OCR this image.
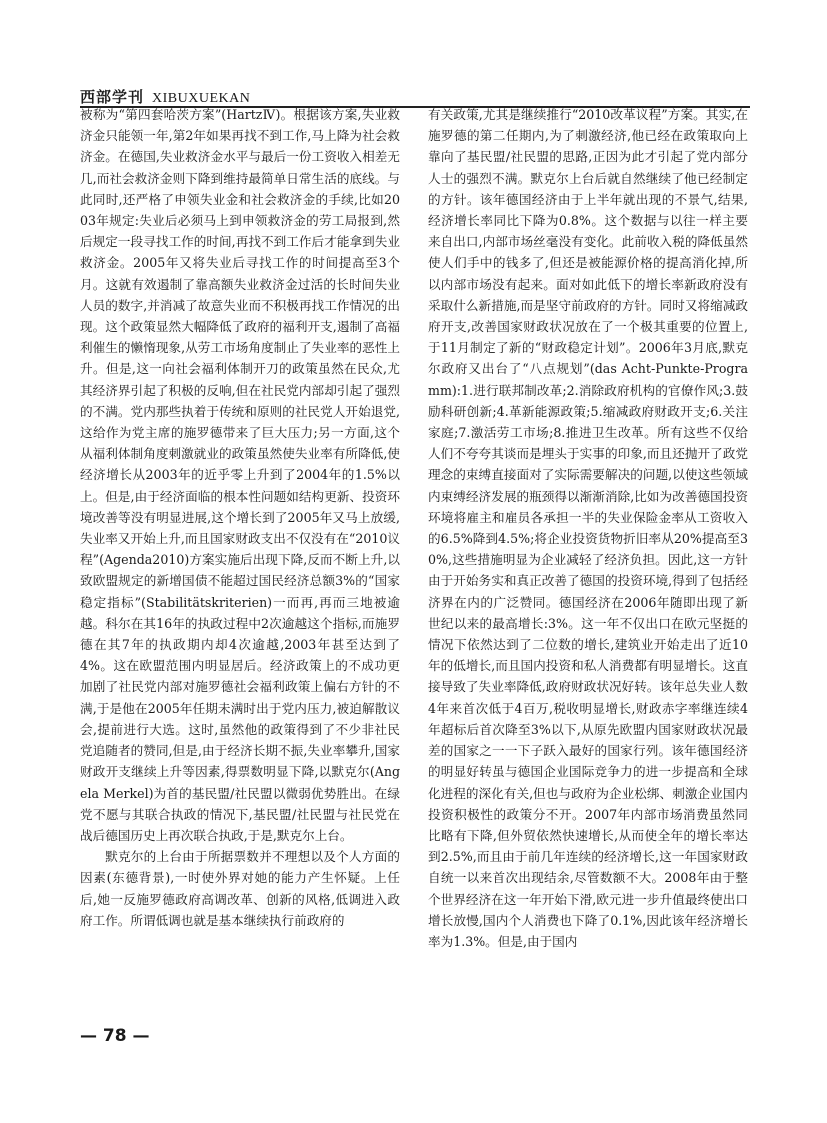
西部学刊 XIBUXUEKAN

被称为“第四套哈茨方案”(HartzⅣ)。根据该方案,失业救济金只能领一年,第2年如果再找不到工作,马上降为社会救济金。在德国,失业救济金水平与最后一份工资收入相差无几,而社会救济金则下降到维持最简单日常生活的底线。与此同时,还严格了申领失业金和社会救济金的手续,比如2003年规定:失业后必须马上到申领救济金的劳工局报到,然后规定一段寻找工作的时间,再找不到工作后才能拿到失业救济金。2005年又将失业后寻找工作的时间提高至3个月。这就有效遏制了靠高额失业救济金过活的长时间失业人员的数字,并消减了故意失业而不积极再找工作情况的出现。这个政策显然大幅降低了政府的福利开支,遏制了高福利催生的懒惰现象,从劳工市场角度制止了失业率的恶性上升。但是,这一向社会福利体制开刀的政策虽然在民众,尤其经济界引起了积极的反响,但在社民党内部却引起了强烈的不满。党内那些执着于传统和原则的社民党人开始退党,这给作为党主席的施罗德带来了巨大压力;另一方面,这个从福利体制角度刺激就业的政策虽然使失业率有所降低,使经济增长从2003年的近乎零上升到了2004年的1.5%以上。但是,由于经济面临的根本性问题如结构更新、投资环境改善等没有明显进展,这个增长到了2005年又马上放缓,失业率又开始上升,而且国家财政支出不仅没有在“2010议程”(Agenda2010)方案实施后出现下降,反而不断上升,以致欧盟规定的新增国债不能超过国民经济总额3%的“国家稳定指标”(Stabilitätskriterien)一而再,再而三地被逾越。科尔在其16年的执政过程中2次逾越这个指标,而施罗德在其7年的执政期内却4次逾越,2003年甚至达到了4%。这在欧盟范围内明显居后。经济政策上的不成功更加剧了社民党内部对施罗德社会福利政策上偏右方针的不满,于是他在2005年任期未满时出于党内压力,被迫解散议会,提前进行大选。这时,虽然他的政策得到了不少非社民党追随者的赞同,但是,由于经济长期不振,失业率攀升,国家财政开支继续上升等因素,得票数明显下降,以默克尔(Angela Merkel)为首的基民盟/社民盟以微弱优势胜出。在绿党不愿与其联合执政的情况下,基民盟/社民盟与社民党在战后德国历史上再次联合执政,于是,默克尔上台。

默克尔的上台由于所据票数并不理想以及个人方面的因素(东德背景),一时使外界对她的能力产生怀疑。上任后,她一反施罗德政府高调改革、创新的风格,低调进入政府工作。所谓低调也就是基本继续执行前政府的

有关政策,尤其是继续推行“2010改革议程”方案。其实,在施罗德的第二任期内,为了刺激经济,他已经在政策取向上靠向了基民盟/社民盟的思路,正因为此才引起了党内部分人士的强烈不满。默克尔上台后就自然继续了他已经制定的方针。该年德国经济由于上半年就出现的不景气,结果,经济增长率同比下降为0.8%。这个数据与以往一样主要来自出口,内部市场丝毫没有变化。此前收入税的降低虽然使人们手中的钱多了,但还是被能源价格的提高消化掉,所以内部市场没有起来。面对如此低下的增长率新政府没有采取什么新措施,而是坚守前政府的方针。同时又将缩减政府开支,改善国家财政状况放在了一个极其重要的位置上,于11月制定了新的“财政稳定计划”。2006年3月底,默克尔政府又出台了“八点规划”(das Acht-Punkte-Programm):1.进行联邦制改革;2.消除政府机构的官僚作风;3.鼓励科研创新;4.革新能源政策;5.缩减政府财政开支;6.关注家庭;7.激活劳工市场;8.推进卫生改革。所有这些不仅给人们不夸夸其谈而是埋头于实事的印象,而且还抛开了政党理念的束缚直接面对了实际需要解决的问题,以使这些领域内束缚经济发展的瓶颈得以渐渐消除,比如为改善德国投资环境将雇主和雇员各承担一半的失业保险金率从工资收入的6.5%降到4.5%;将企业投资货物折旧率从20%提高至30%,这些措施明显为企业减轻了经济负担。因此,这一方针由于开始务实和真正改善了德国的投资环境,得到了包括经济界在内的广泛赞同。德国经济在2006年随即出现了新世纪以来的最高增长:3%。这一年不仅出口在欧元坚挺的情况下依然达到了二位数的增长,建筑业开始走出了近10年的低增长,而且国内投资和私人消费都有明显增长。这直接导致了失业率降低,政府财政状况好转。该年总失业人数4年来首次低于4百万,税收明显增长,财政赤字率继连续4年超标后首次降至3%以下,从原先欧盟内国家财政状况最差的国家之一一下子跃入最好的国家行列。该年德国经济的明显好转虽与德国企业国际竞争力的进一步提高和全球化进程的深化有关,但也与政府为企业松绑、刺激企业国内投资积极性的政策分不开。2007年内部市场消费虽然同比略有下降,但外贸依然快速增长,从而使全年的增长率达到2.5%,而且由于前几年连续的经济增长,这一年国家财政自统一以来首次出现结余,尽管数额不大。2008年由于整个世界经济在这一年开始下滑,欧元进一步升值最终使出口增长放慢,国内个人消费也下降了0.1%,因此该年经济增长率为1.3%。但是,由于国内

— 78 —
